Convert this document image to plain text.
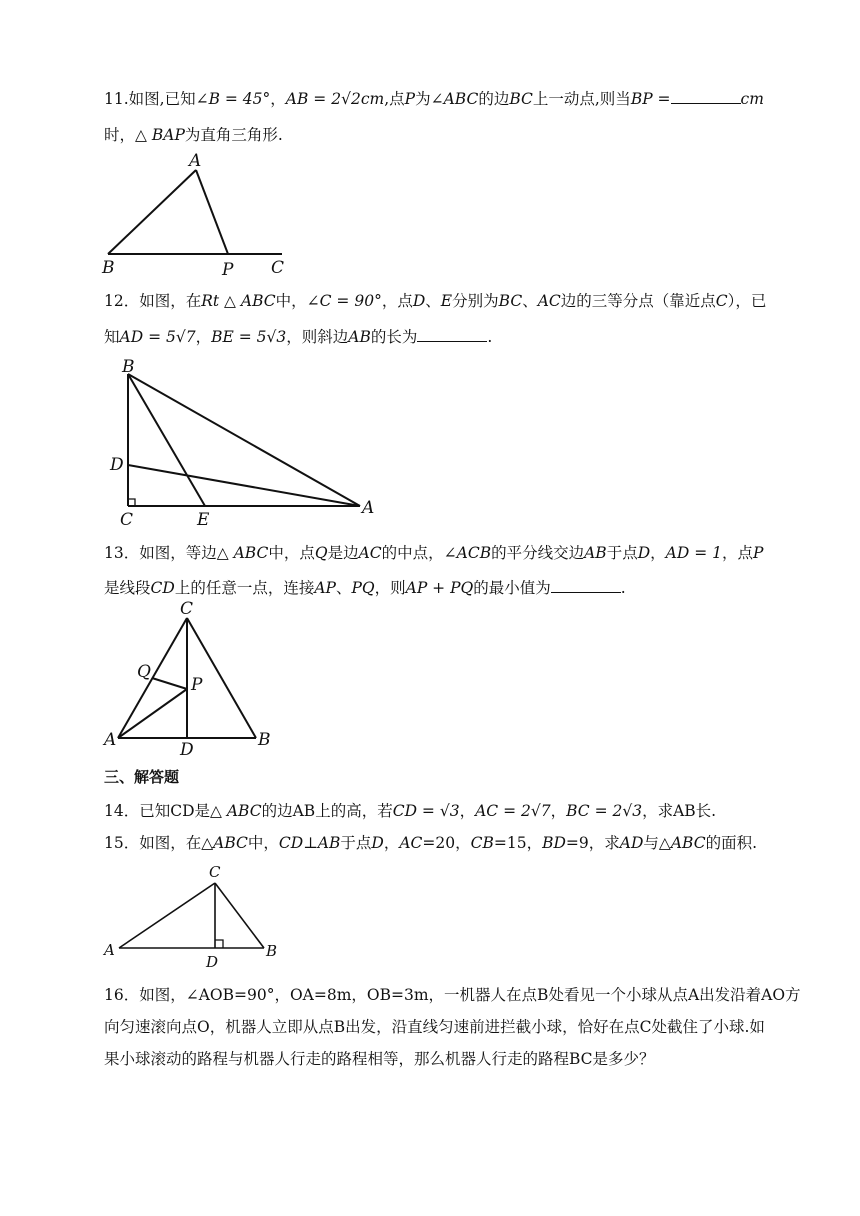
11.如图,已知∠B = 45°，AB = 2√2cm,点P为∠ABC的边BC上一动点,则当BP =	cm
时，△ BAP为直角三角形.
12．如图，在Rt △ ABC中，∠C = 90°，点D、E分别为BC、AC边的三等分点（靠近点C），已
知AD = 5√7，BE = 5√3，则斜边AB的长为	.
13．如图，等边△ ABC中，点Q是边AC的中点，∠ACB的平分线交边AB于点D，AD = 1，点P
是线段CD上的任意一点，连接AP、PQ，则AP + PQ的最小值为	.
三、解答题
14．已知CD是△ ABC的边AB上的高，若CD = √3，AC = 2√7，BC = 2√3，求AB长.
15．如图，在△ABC中，CD⊥AB于点D，AC=20，CB=15，BD=9，求AD与△ABC的面积.
16．如图，∠AOB=90°，OA=8m，OB=3m，一机器人在点B处看见一个小球从点A出发沿着AO方
向匀速滚向点O，机器人立即从点B出发，沿直线匀速前进拦截小球，恰好在点C处截住了小球.如
果小球滚动的路程与机器人行走的路程相等，那么机器人行走的路程BC是多少？
A
B	P C
B
D
C	E
A
C
Q
P
A	D	B
C
A
D
B
